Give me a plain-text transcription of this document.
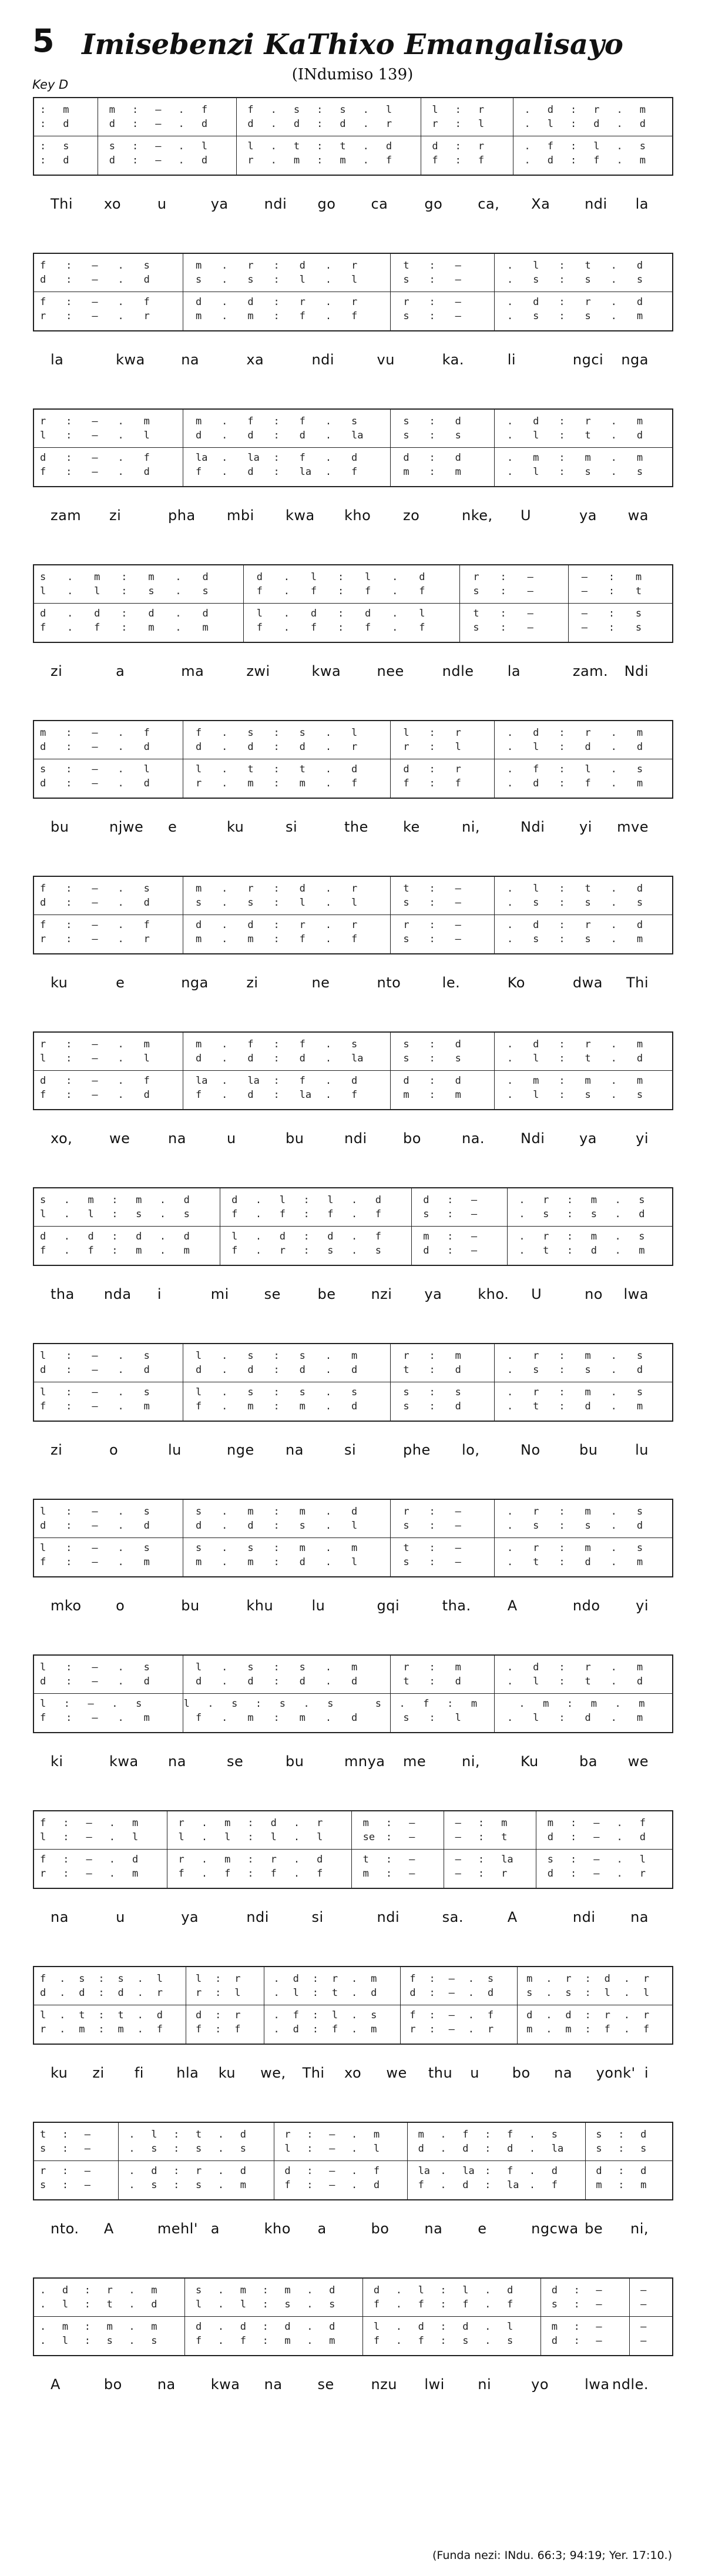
5 Imisebenzi KaThixo Emangalisayo
(INdumiso 139)
Key D
: m	m : – . f	f . s : s . l	l : r	. d : r . m
: d	d : – . d	d . d : d . r	r : l	. l : d . d
: s	s : – . l	l . t : t . d	d : r	. f : l . s
: d	d : – . d	r . m : m . f	f : f	. d : f . m
Thi xo	u	ya	ndi go	ca	go ca, Xa ndi la
f : – . s	m . r : d . r	t : —	. l : t . d
d : – . d	s . s : l . l	s : —	. s : s . s
f : – . f	d . d : r . r	r : —	. d : r . d
r : – . r	m . m : f . f	s : —	. s : s . m
la	kwa	na	xa	ndi	vu	ka.	li	ngci nga
r : – . m	m . f : f . s	s : d	. d : r . m
l : – . l	d . d : d . la	s : s	. l : t . d
d : – . f	la . la : f . d	d : d	. m : m . m
f : – . d	f . d : la . f	m : m	. l : s . s
zam zi	pha mbi kwa kho zo	nke, U	ya wa
s . m : m . d	d . l : l . d	r : —	— : m
l . l : s . s	f . f : f . f	s : —	— : t
d . d : d . d	l . d : d . l	t : —	— : s
f . f : m . m	f . f : f . f	s : —	— : s
zi	a	ma	zwi	kwa	nee	ndle la	zam. Ndi
m : – . f	f . s : s . l	l : r	. d : r . m
d : – . d	d . d : d . r	r : l	. l : d . d
s : – . l	l . t : t . d	d : r	. f : l . s
d : – . d	r . m : m . f	f : f	. d : f . m
bu	njwe e	ku	si	the ke	ni,	Ndi yi mve
f : – . s	m . r : d . r	t : —	. l : t . d
d : – . d	s . s : l . l	s : —	. s : s . s
f : – . f	d . d : r . r	r : —	. d : r . d
r : – . r	m . m : f . f	s : —	. s : s . m
ku	e	nga	zi	ne	nto	le.	Ko	dwa Thi
r : – . m	m . f : f . s	s : d	. d : r . m
l : – . l	d . d : d . la	s : s	. l : t . d
d : – . f	la . la : f . d	d : d	. m : m . m
f : – . d	f . d : la . f	m : m	. l : s . s
xo,	we	na	u	bu	ndi	bo	na.	Ndi ya	yi
s . m : m . d	d . l : l . d	d : —	. r : m . s
l . l : s . s	f . f : f . f	s : —	. s : s . d
d . d : d . d	l . d : d . f	m : —	. r : m . s
f . f : m . m	f . r : s . s	d : —	. t : d . m
tha nda i	mi se	be nzi ya	kho. U	no lwa
l : – . s	l . s : s . m	r : m	. r : m . s
d : – . d	d . d : d . d	t : d	. s : s . d
l : – . s	l . s : s . s	s : s	. r : m . s
f : – . m	f . m : m . d	s : d	. t : d . m
zi	o	lu	nge na	si	phe lo,	No	bu	lu
l : – . s	s . m : m . d	r : —	. r : m . s
d : – . d	d . d : s . l	s : —	. s : s . d
l : – . s	s . s : m . m	t : —	. r : m . s
f : – . m	m . m : d . l	s : —	. t : d . m
mko o	bu	khu	lu	gqi	tha.	A	ndo	yi
l : – . s	l . s : s . m	r : m	. d : r . m
d : – . d	d . d : d . d	t : d	. l : t . d
l : – . s	l . s : s . s	s . f : m	. m : m . m
f : – . m	f . m : m . d	s : l	. l : d . m
ki	kwa na	se	bu	mnya me	ni,	Ku	ba we
f : – . m	r . m : d . r	m : —	— : m	m : – . f
l : – . l	l . l : l . l	se : —	— : t	d : – . d
f : – . d	r . m : r . d	t : —	— : la	s : – . l
r : – . m	f . f : f . f	m : —	— : r	d : – . r
na	u	ya	ndi	si	ndi	sa.	A	ndi na
f . s : s . l	l : r	. d : r . m	f : – . s	m . r : d . r
d . d : d . r	r : l	. l : t . d	d : – . d	s . s : l . l
l . t : t . d	d : r	. f : l . s	f : – . f	d . d : r . r
r . m : m . f	f : f	. d : f . m	r : – . r	m . m : f . f
ku zi fi hla ku we, Thi xo we thu u bo na yonk' i
t : —	. l : t . d	r : – . m	m . f : f . s	s : d
s : —	. s : s . s	l : – . l	d . d : d . la	s : s
r : —	. d : r . d	d : – . f	la . la : f . d	d : d
s : —	. s : s . m	f : – . d	f . d : la . f	m : m
nto. A	mehl' a	kho a	bo na e	ngcwa be ni,
. d : r . m	s . m : m . d	d . l : l . d	d : —	—
. l : t . d	l . l : s . s	f . f : f . f	s : —	—
. m : m . m	d . d : d . d	l . d : d . l	m : —	—
. l : s . s	f . f : m . m	f . f : s . s	d : —	—
A	bo na kwa na se	nzu lwi ni	yo	lwa ndle.
(Funda nezi: INdu. 66:3; 94:19; Yer. 17:10.)
